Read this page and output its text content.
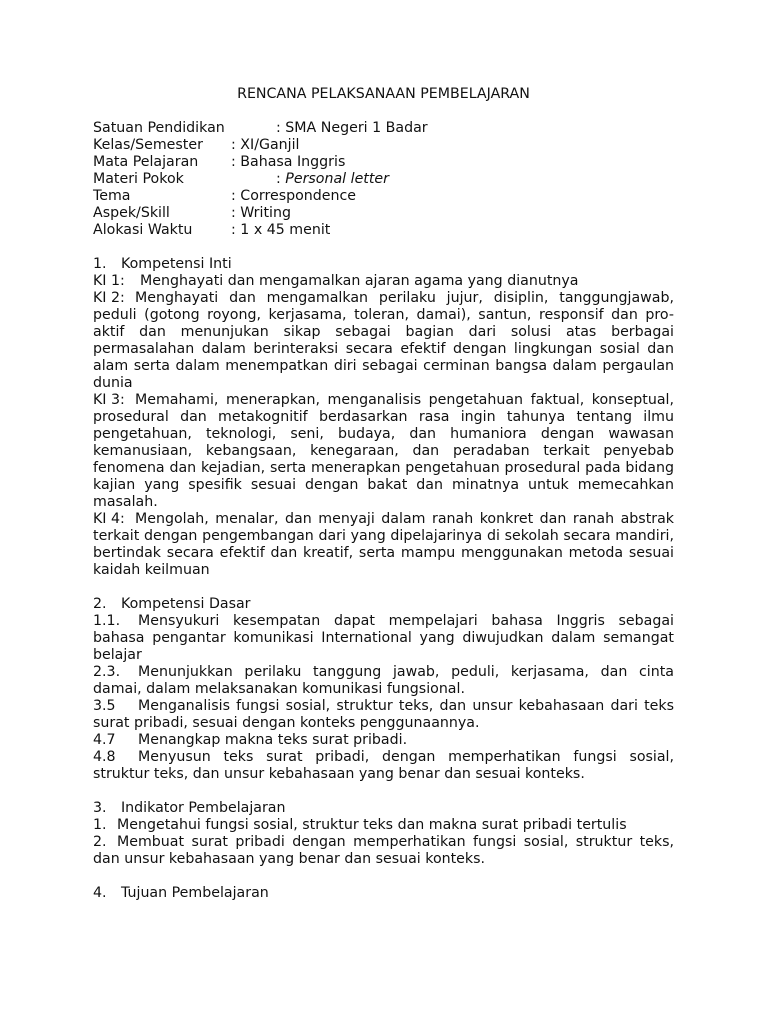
RENCANA PELAKSANAAN PEMBELAJARAN
Satuan Pendidikan	: SMA Negeri 1 Badar
Kelas/Semester	: XI/Ganjil
Mata Pelajaran	: Bahasa Inggris
Materi Pokok	: Personal letter
Tema	: Correspondence
Aspek/Skill	: Writing
Alokasi Waktu	: 1 x 45 menit
1. Kompetensi Inti

KI 1: Menghayati dan mengamalkan ajaran agama yang dianutnya

KI 2: Menghayati dan mengamalkan perilaku jujur, disiplin, tanggungjawab, peduli (gotong royong, kerjasama, toleran, damai), santun, responsif dan pro-aktif dan menunjukan sikap sebagai bagian dari solusi atas berbagai permasalahan dalam berinteraksi secara efektif dengan lingkungan sosial dan alam serta dalam menempatkan diri sebagai cerminan bangsa dalam pergaulan dunia

KI 3: Memahami, menerapkan, menganalisis pengetahuan faktual, konseptual, prosedural dan metakognitif berdasarkan rasa ingin tahunya tentang ilmu pengetahuan, teknologi, seni, budaya, dan humaniora dengan wawasan kemanusiaan, kebangsaan, kenegaraan, dan peradaban terkait penyebab fenomena dan kejadian, serta menerapkan pengetahuan prosedural pada bidang kajian yang spesifik sesuai dengan bakat dan minatnya untuk memecahkan masalah.

KI 4: Mengolah, menalar, dan menyaji dalam ranah konkret dan ranah abstrak terkait dengan pengembangan dari yang dipelajarinya di sekolah secara mandiri, bertindak secara efektif dan kreatif, serta mampu menggunakan metoda sesuai kaidah keilmuan

2. Kompetensi Dasar

1.1. Mensyukuri kesempatan dapat mempelajari bahasa Inggris sebagai bahasa pengantar komunikasi International yang diwujudkan dalam semangat belajar

2.3. Menunjukkan perilaku tanggung jawab, peduli, kerjasama, dan cinta damai, dalam melaksanakan komunikasi fungsional.

3.5 Menganalisis fungsi sosial, struktur teks, dan unsur kebahasaan dari teks surat pribadi, sesuai dengan konteks penggunaannya.

4.7 Menangkap makna teks surat pribadi.

4.8 Menyusun teks surat pribadi, dengan memperhatikan fungsi sosial, struktur teks, dan unsur kebahasaan yang benar dan sesuai konteks.

3. Indikator Pembelajaran

1. Mengetahui fungsi sosial, struktur teks dan makna surat pribadi tertulis

2. Membuat surat pribadi dengan memperhatikan fungsi sosial, struktur teks, dan unsur kebahasaan yang benar dan sesuai konteks.

4. Tujuan Pembelajaran
